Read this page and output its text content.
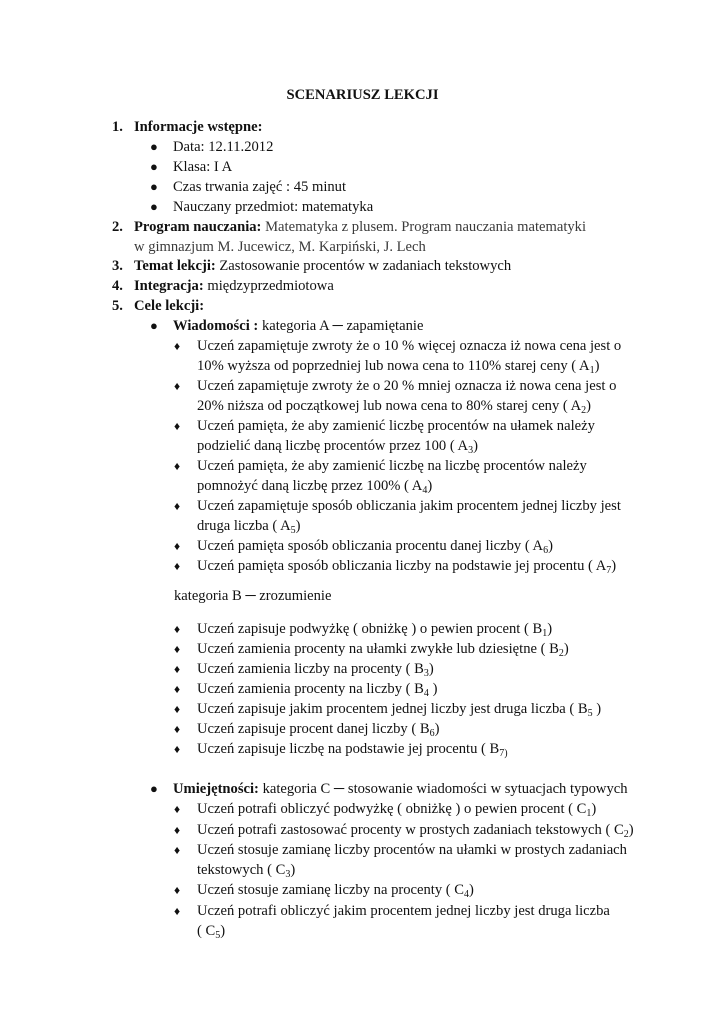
SCENARIUSZ LEKCJI
1. Informacje wstępne:
● Data: 12.11.2012
● Klasa: I A
● Czas trwania zajęć : 45 minut
● Nauczany przedmiot: matematyka
2. Program nauczania: Matematyka z plusem. Program nauczania matematyki
w gimnazjum M. Jucewicz, M. Karpiński, J. Lech
3. Temat lekcji: Zastosowanie procentów w zadaniach tekstowych
4. Integracja: międzyprzedmiotowa
5. Cele lekcji:
● Wiadomości : kategoria A ─ zapamiętanie
♦ Uczeń zapamiętuje zwroty że o 10 % więcej oznacza iż nowa cena jest o
10% wyższa od poprzedniej lub nowa cena to 110% starej ceny ( $A_1$)
♦ Uczeń zapamiętuje zwroty że o 20 % mniej oznacza iż nowa cena jest o
20% niższa od początkowej lub nowa cena to 80% starej ceny ( $A_2$)
♦ Uczeń pamięta, że aby zamienić liczbę procentów na ułamek należy
podzielić daną liczbę procentów przez 100 ( $A_3$)
♦ Uczeń pamięta, że aby zamienić liczbę na liczbę procentów należy
pomnożyć daną liczbę przez 100% ( $A_4$)
♦ Uczeń zapamiętuje sposób obliczania jakim procentem jednej liczby jest
druga liczba ( $A_5$)
♦ Uczeń pamięta sposób obliczania procentu danej liczby ( $A_6$)
♦ Uczeń pamięta sposób obliczania liczby na podstawie jej procentu ( $A_7$)
kategoria B ─ zrozumienie
♦ Uczeń zapisuje podwyżkę ( obniżkę ) o pewien procent ( $B_1$)
♦ Uczeń zamienia procenty na ułamki zwykłe lub dziesiętne ( $B_2$)
♦ Uczeń zamienia liczby na procenty ( $B_3$)
♦ Uczeń zamienia procenty na liczby ( $B_4$ )
♦ Uczeń zapisuje jakim procentem jednej liczby jest druga liczba ( $B_5$ )
♦ Uczeń zapisuje procent danej liczby ( $B_6$)
♦ Uczeń zapisuje liczbę na podstawie jej procentu ( $B_{7)}$
● Umiejętności: kategoria C ─ stosowanie wiadomości w sytuacjach typowych
♦ Uczeń potrafi obliczyć podwyżkę ( obniżkę ) o pewien procent ( $C_1$)
♦ Uczeń potrafi zastosować procenty w prostych zadaniach tekstowych ( $C_2$)
♦ Uczeń stosuje zamianę liczby procentów na ułamki w prostych zadaniach
tekstowych ( $C_3$)
♦ Uczeń stosuje zamianę liczby na procenty ( $C_4$)
♦ Uczeń potrafi obliczyć jakim procentem jednej liczby jest druga liczba
( $C_5$)
